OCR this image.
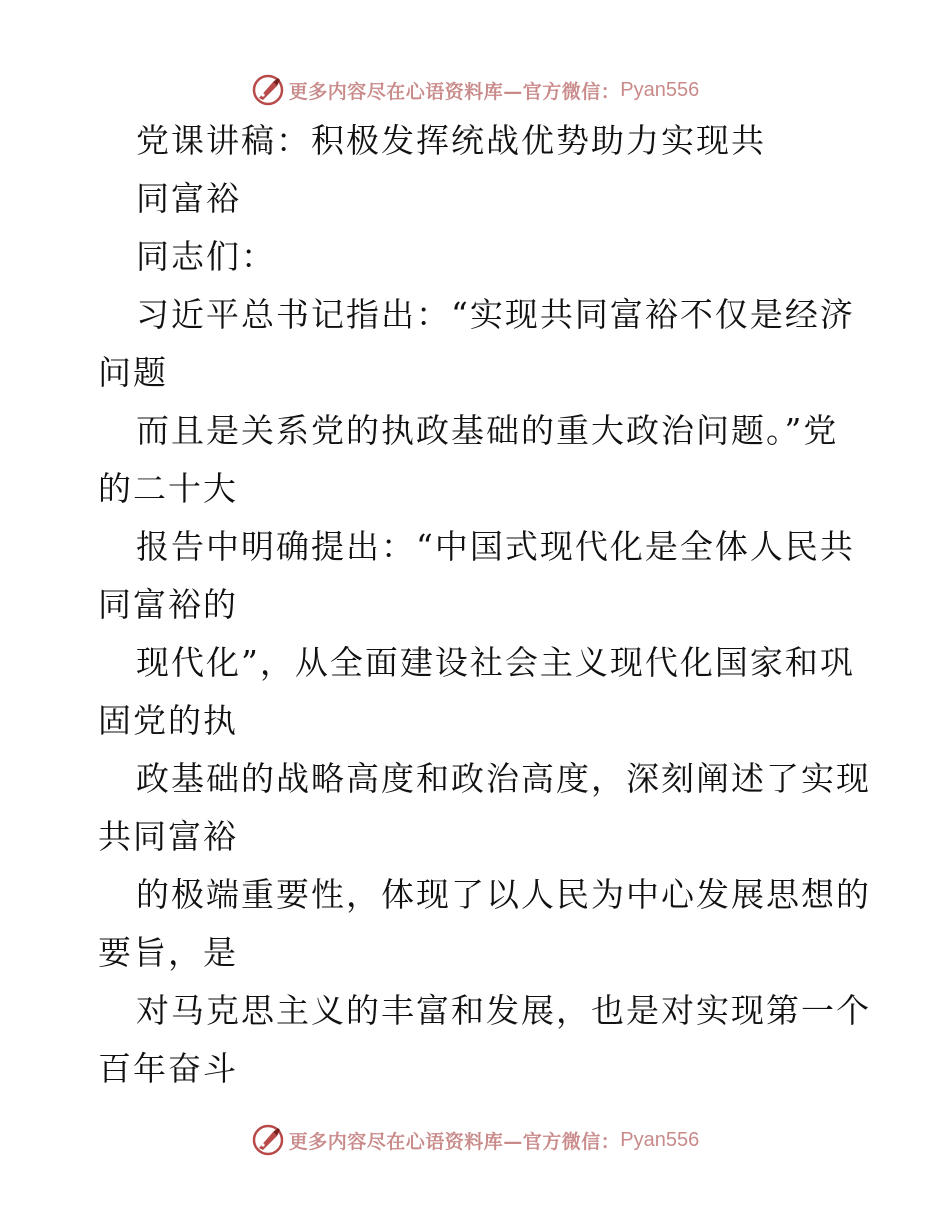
更多内容尽在心语资料库—官方微信： Pyan556
党课讲稿：积极发挥统战优势助力实现共
同富裕
同志们：
习近平总书记指出：“实现共同富裕不仅是经济
问题
而且是关系党的执政基础的重大政治问题。”党
的二十大
报告中明确提出：“中国式现代化是全体人民共
同富裕的
现代化”，从全面建设社会主义现代化国家和巩
固党的执
政基础的战略高度和政治高度，深刻阐述了实现
共同富裕
的极端重要性，体现了以人民为中心发展思想的
要旨，是
对马克思主义的丰富和发展，也是对实现第一个
百年奋斗
更多内容尽在心语资料库—官方微信： Pyan556
